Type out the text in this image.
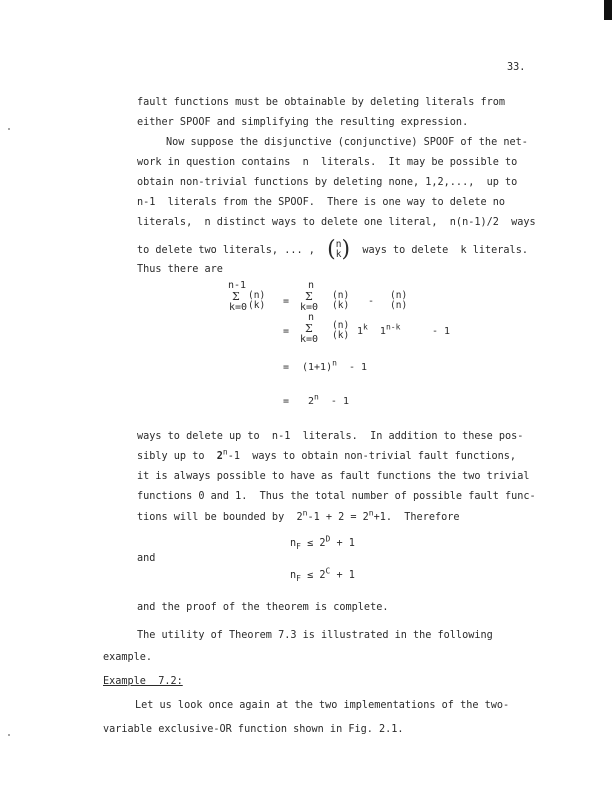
33.
fault functions must be obtainable by deleting literals from
either SPOOF and simplifying the resulting expression.
Now suppose the disjunctive (conjunctive) SPOOF of the net-
work in question contains  n  literals.  It may be possible to
obtain non-trivial functions by deleting none, 1,2,...,  up to
n-1  literals from the SPOOF.  There is one way to delete no
literals,  n distinct ways to delete one literal,  n(n-1)/2  ways
to delete two literals, ... , (n
k) ways to delete  k literals.
Thus there are
n-1
Σ
k=0
(n)
(k) =
n
Σ
k=0
(n)
(k) -
(n)
(n)
n
= Σ
k=0
(n)
(k) 1$^k$ 1$^{n-k}$	- 1
= $(1+1)^n - 1$
= $2^n - 1$
ways to delete up to  n-1  literals.  In addition to these pos-
sibly up to  2$^n$-1  ways to obtain non-trivial fault functions,
it is always possible to have as fault functions the two trivial
functions 0 and 1.  Thus the total number of possible fault func-
tions will be bounded by  $2^n-1 + 2 = 2^n+1$.  Therefore
$n_F \le 2^D + 1$
and
$n_F \le 2^C + 1$
and the proof of the theorem is complete.
The utility of Theorem 7.3 is illustrated in the following
example.
Example  7.2:
Let us look once again at the two implementations of the two-
variable exclusive-OR function shown in Fig. 2.1.
